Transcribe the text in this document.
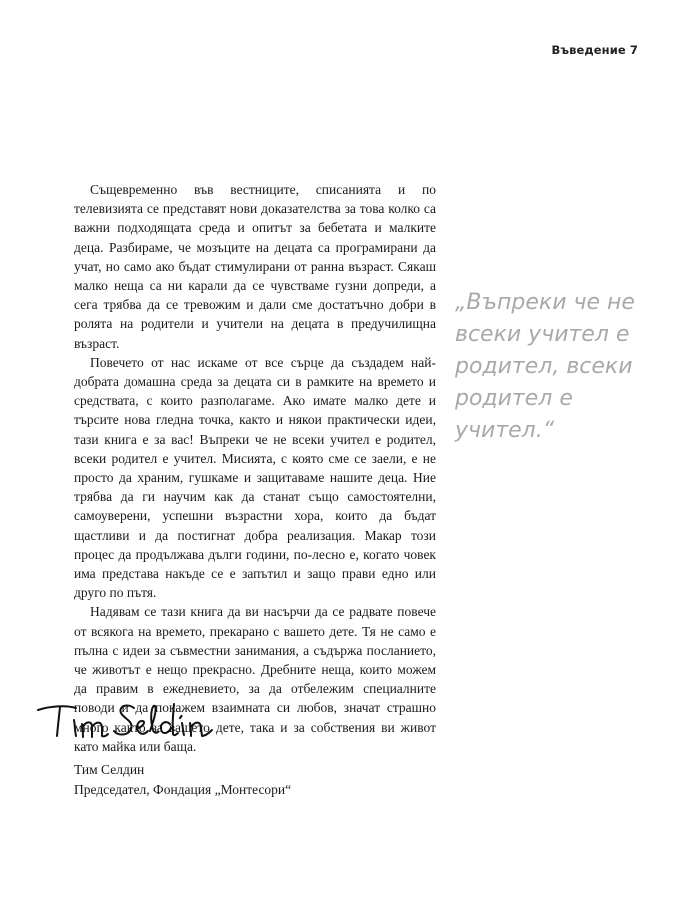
Въведение 7

Същевременно във вестниците, списанията и по телевизията се представят нови доказателства за това колко са важни подходящата среда и опитът за бебетата и малките деца. Разбираме, че мозъците на децата са програмирани да учат, но само ако бъдат стимулирани от ранна възраст. Сякаш малко неща са ни карали да се чувстваме гузни допреди, а сега трябва да се тревожим и дали сме достатъчно добри в ролята на родители и учители на децата в предучилищна възраст.

Повечето от нас искаме от все сърце да създадем най-добрата домашна среда за децата си в рамките на времето и средствата, с които разполагаме. Ако имате малко дете и търсите нова гледна точка, както и някои практически идеи, тази книга е за вас! Въпреки че не всеки учител е родител, всеки родител е учител. Мисията, с която сме се заели, е не просто да храним, гушкаме и защитаваме нашите деца. Ние трябва да ги научим как да станат също самостоятелни, самоуверени, успешни възрастни хора, които да бъдат щастливи и да постигнат добра реализация. Макар този процес да продължава дълги години, по-лесно е, когато човек има представа накъде се е запътил и защо прави едно или друго по пътя.

Надявам се тази книга да ви насърчи да се радвате повече от всякога на времето, прекарано с вашето дете. Тя не само е пълна с идеи за съвместни занимания, а съдържа посланието, че животът е нещо прекрасно. Дребните неща, които можем да правим в ежедневието, за да отбележим специалните поводи и да покажем взаимната си любов, значат страшно много както за вашето дете, така и за собствения ви живот като майка или баща.

„Въпреки че не всеки учител е родител, всеки родител е учител.“
Тим Селдин
Председател, Фондация „Монтесори“
